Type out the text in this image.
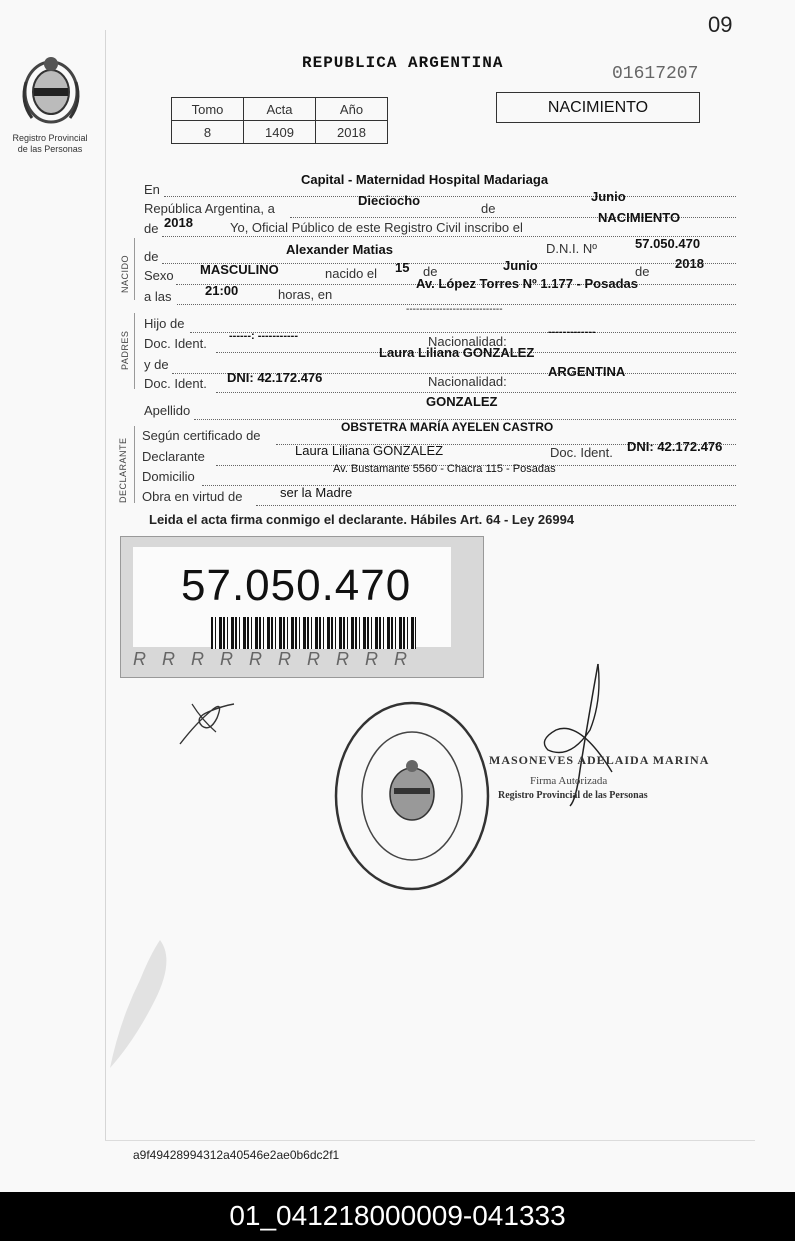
09
Registro Provincial
de las Personas
REPUBLICA ARGENTINA
01617207
Tomo	Acta	Año
8	1409	2018
NACIMIENTO
En
Capital - Maternidad Hospital Madariaga
República Argentina, a
Dieciocho
de
Junio
de 2018	Yo, Oficial Público de este Registro Civil inscribo el
NACIMIENTO
de	Alexander Matias	D.N.I. Nº	57.050.470
Sexo MASCULINO	nacido el 15 de	Junio	de
2018
a las	21:00	horas, en
Av. López Torres Nº 1.177 - Posadas
Hijo de
-----------------------------
Doc. Ident. ------: -----------	Nacionalidad:
-------------
y de
Laura Liliana GONZALEZ
Doc. Ident. DNI: 42.172.476	Nacionalidad:
ARGENTINA
Apellido
GONZALEZ
Según certificado de
OBSTETRA MARÍA AYELEN CASTRO
Declarante	Laura Liliana GONZALEZ	Doc. Ident. DNI: 42.172.476
Domicilio	Av. Bustamante 5560 - Chacra 115 - Posadas
Obra en virtud de	ser la Madre
NACIDO
PADRES
DECLARANTE
Leida el acta firma conmigo el declarante. Hábiles Art. 64 - Ley 26994
57.050.470
RRRRRRRRRR
MASONEVES ADELAIDA MARINA
Firma Autorizada
Registro Provincial de las Personas
a9f49428994312a40546e2ae0b6dc2f1
01_041218000009-041333
